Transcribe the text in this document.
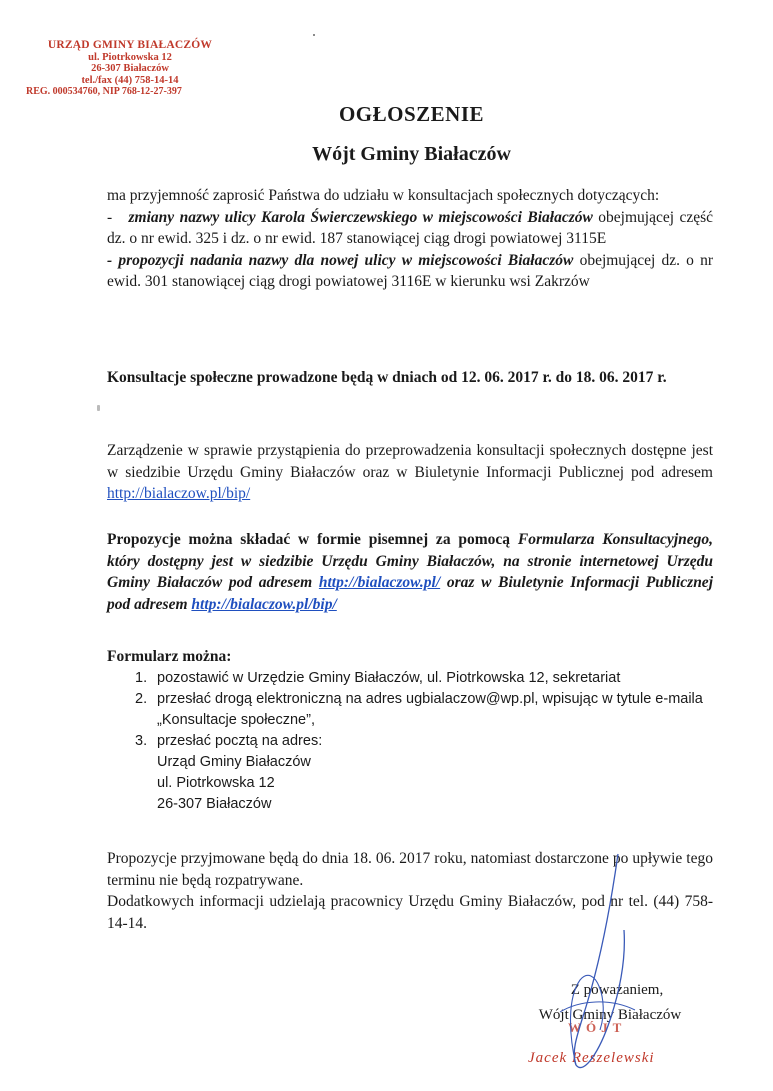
URZĄD GMINY BIAŁACZÓW
ul. Piotrkowska 12
26-307 Białaczów
tel./fax (44) 758-14-14
REG. 000534760, NIP 768-12-27-397
OGŁOSZENIE
Wójt Gminy Białaczów

ma przyjemność zaprosić Państwa do udziału w konsultacjach społecznych dotyczących:

- zmiany nazwy ulicy Karola Świerczewskiego w miejscowości Białaczów obejmującej część dz. o nr ewid. 325 i dz. o nr ewid. 187 stanowiącej ciąg drogi powiatowej 3115E

- propozycji nadania nazwy dla nowej ulicy w miejscowości Białaczów obejmującej dz. o nr ewid. 301 stanowiącej ciąg drogi powiatowej 3116E w kierunku wsi Zakrzów

Konsultacje społeczne prowadzone będą w dniach od 12. 06. 2017 r. do 18. 06. 2017 r.
Zarządzenie w sprawie przystąpienia do przeprowadzenia konsultacji społecznych dostępne jest w siedzibie Urzędu Gminy Białaczów oraz w Biuletynie Informacji Publicznej pod adresem http://bialaczow.pl/bip/
Propozycje można składać w formie pisemnej za pomocą Formularza Konsultacyjnego, który dostępny jest w siedzibie Urzędu Gminy Białaczów, na stronie internetowej Urzędu Gminy Białaczów pod adresem http://bialaczow.pl/ oraz w Biuletynie Informacji Publicznej pod adresem http://bialaczow.pl/bip/
Formularz można:
1. pozostawić w Urzędzie Gminy Białaczów, ul. Piotrkowska 12, sekretariat
2. przesłać drogą elektroniczną na adres ugbialaczow@wp.pl, wpisując w tytule e-maila „Konsultacje społeczne”,
3. przesłać pocztą na adres:
Urząd Gminy Białaczów
ul. Piotrkowska 12
26-307 Białaczów

Propozycje przyjmowane będą do dnia 18. 06. 2017 roku, natomiast dostarczone po upływie tego terminu nie będą rozpatrywane.

Dodatkowych informacji udzielają pracownicy Urzędu Gminy Białaczów, pod nr tel. (44) 758-14-14.

Z poważaniem,
Wójt Gminy Białaczów
WÓJT
Jacek Reszelewski
